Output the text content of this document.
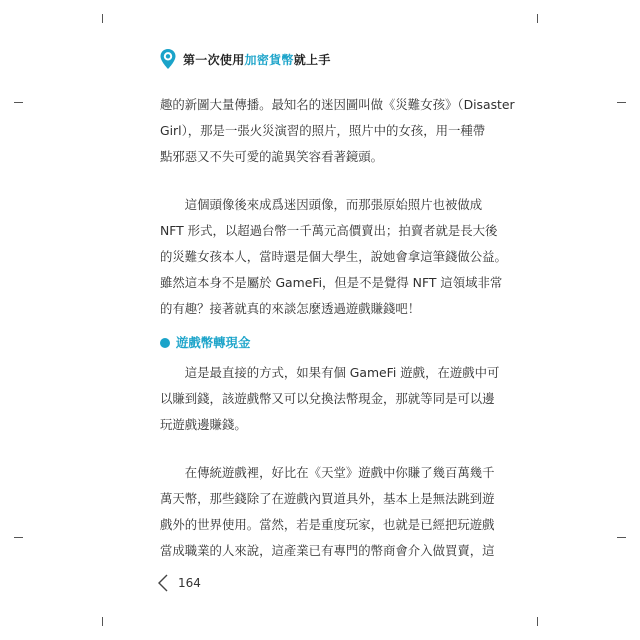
第一次使用加密貨幣就上手
趣的新圖大量傳播。最知名的迷因圖叫做《災難女孩》（Disaster
Girl），那是一張火災演習的照片，照片中的女孩，用一種帶
點邪惡又不失可愛的詭異笑容看著鏡頭。
　　這個頭像後來成爲迷因頭像，而那張原始照片也被做成
NFT 形式，以超過台幣一千萬元高價賣出；拍賣者就是長大後
的災難女孩本人，當時還是個大學生，說她會拿這筆錢做公益。
雖然這本身不是屬於 GameFi，但是不是覺得 NFT 這領域非常
的有趣？接著就真的來談怎麼透過遊戲賺錢吧！
遊戲幣轉現金
　　這是最直接的方式，如果有個 GameFi 遊戲，在遊戲中可
以賺到錢，該遊戲幣又可以兌換法幣現金，那就等同是可以邊
玩遊戲邊賺錢。
　　在傳統遊戲裡，好比在《天堂》遊戲中你賺了幾百萬幾千
萬天幣，那些錢除了在遊戲內買道具外，基本上是無法跳到遊
戲外的世界使用。當然，若是重度玩家，也就是已經把玩遊戲
當成職業的人來說，這產業已有專門的幣商會介入做買賣，這
164
